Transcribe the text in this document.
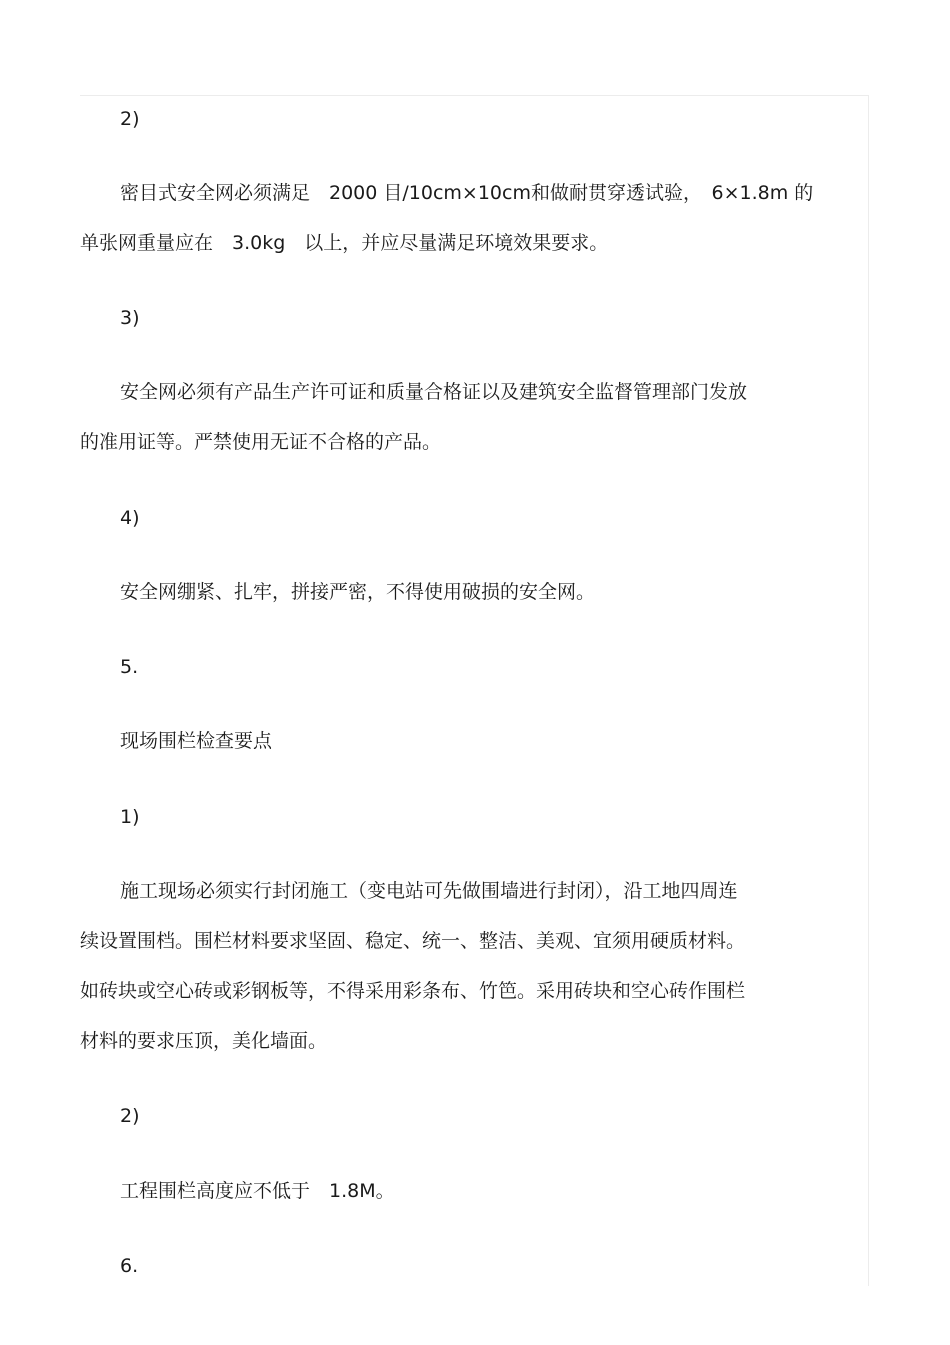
2)
密目式安全网必须满足　2000 目/10cm×10cm和做耐贯穿透试验，　6×1.8m 的
单张网重量应在　3.0kg　以上，并应尽量满足环境效果要求。
3)
安全网必须有产品生产许可证和质量合格证以及建筑安全监督管理部门发放
的准用证等。严禁使用无证不合格的产品。
4)
安全网绷紧、扎牢，拼接严密，不得使用破损的安全网。
5.
现场围栏检查要点
1)
施工现场必须实行封闭施工（变电站可先做围墙进行封闭），沿工地四周连
续设置围档。围栏材料要求坚固、稳定、统一、整洁、美观、宜须用硬质材料。
如砖块或空心砖或彩钢板等，不得采用彩条布、竹笆。采用砖块和空心砖作围栏
材料的要求压顶，美化墙面。
2)
工程围栏高度应不低于　1.8M。
6.
